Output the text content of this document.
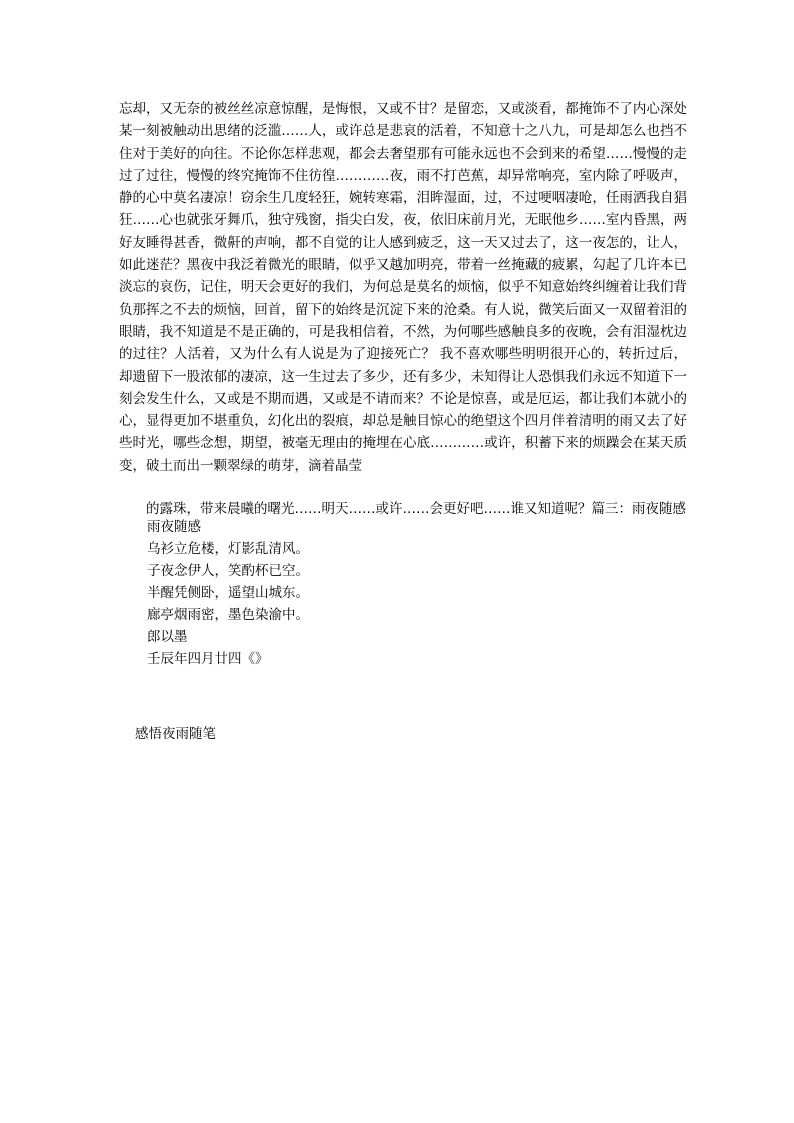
忘却，又无奈的被丝丝凉意惊醒，是悔恨，又或不甘？是留恋，又或淡看，都掩饰不了内心深处某一刻被触动出思绪的泛滥……人，或许总是悲哀的活着，不知意十之八九，可是却怎么也挡不住对于美好的向往。不论你怎样悲观，都会去奢望那有可能永远也不会到来的希望……慢慢的走过了过往，慢慢的终究掩饰不住彷徨…………夜，雨不打芭蕉，却异常响亮，室内除了呼吸声，静的心中莫名凄凉！窃余生几度轻狂，婉转寒霜，泪眸湿面，过，不过哽咽凄呛，任雨洒我自猖狂……心也就张牙舞爪，独守残窗，指尖白发，夜，依旧床前月光，无眠他乡……室内昏黑，两好友睡得甚香，微鼾的声响，都不自觉的让人感到疲乏，这一天又过去了，这一夜怎的，让人，如此迷茫？黑夜中我泛着微光的眼睛，似乎又越加明亮，带着一丝掩藏的疲累，勾起了几许本已淡忘的哀伤，记住，明天会更好的我们，为何总是莫名的烦恼，似乎不知意始终纠缠着让我们背负那挥之不去的烦恼，回首，留下的始终是沉淀下来的沧桑。有人说，微笑后面又一双留着泪的眼睛，我不知道是不是正确的，可是我相信着，不然，为何哪些感触良多的夜晚，会有泪湿枕边的过往？人活着，又为什么有人说是为了迎接死亡？ 我不喜欢哪些明明很开心的，转折过后，却遗留下一股浓郁的凄凉，这一生过去了多少，还有多少，未知得让人恐惧我们永远不知道下一刻会发生什么，又或是不期而遇，又或是不请而来？不论是惊喜，或是厄运，都让我们本就小的心，显得更加不堪重负，幻化出的裂痕，却总是触目惊心的绝望这个四月伴着清明的雨又去了好些时光，哪些念想，期望，被毫无理由的掩埋在心底…………或许，积蓄下来的烦躁会在某天质变，破土而出一颗翠绿的萌芽，滴着晶莹

的露珠，带来晨曦的曙光……明天……或许……会更好吧……谁又知道呢？篇三：雨夜随感

雨夜随感
乌衫立危楼，灯影乱清风。
子夜念伊人，笑酌杯已空。
半醒凭侧卧，遥望山城东。
廊亭烟雨密，墨色染渝中。
郎以墨
壬辰年四月廿四《》

感悟夜雨随笔
